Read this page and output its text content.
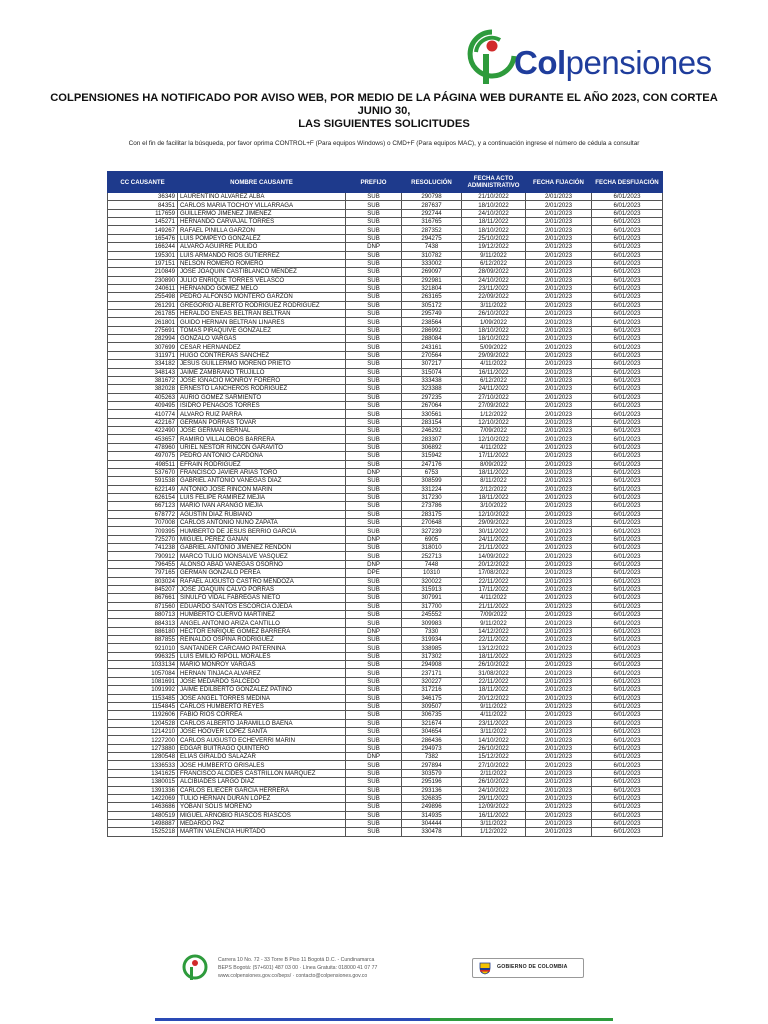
Colpensiones
COLPENSIONES HA NOTIFICADO POR AVISO WEB, POR MEDIO DE LA PÁGINA WEB DURANTE EL AÑO 2023, CON CORTEA JUNIO 30,
LAS SIGUIENTES SOLICITUDES
Con el fin de facilitar la búsqueda, por favor oprima CONTROL+F (Para equipos Windows) o CMD+F (Para equipos MAC), y a continuación ingrese el número de cédula a consultar
CC CAUSANTE	NOMBRE CAUSANTE	PREFIJO	RESOLUCIÓN	FECHA ACTO ADMINISTRATIVO	FECHA FIJACIÓN	FECHA DESFIJACIÓN
36349	LAURENTINO ALVAREZ ALBA	SUB	290798	21/10/2022	2/01/2023	6/01/2023
84351	CARLOS MARIA TOCHOY VILLARRAGA	SUB	287637	18/10/2022	2/01/2023	6/01/2023
117659	GUILLERMO JIMENEZ JIMENEZ	SUB	292744	24/10/2022	2/01/2023	6/01/2023
145271	HERNANDO CARVAJAL TORRES	SUB	316765	18/11/2022	2/01/2023	6/01/2023
149267	RAFAEL PINILLA GARZON	SUB	287352	18/10/2022	2/01/2023	6/01/2023
165476	LUIS POMPEYO GONZALEZ	SUB	294275	25/10/2022	2/01/2023	6/01/2023
166244	ALVARO AGUIRRE PULIDO	DNP	7438	19/12/2022	2/01/2023	6/01/2023
195301	LUIS ARMANDO RIOS GUTIERREZ	SUB	310782	9/11/2022	2/01/2023	6/01/2023
197151	NELSON ROMERO ROMERO	SUB	333002	6/12/2022	2/01/2023	6/01/2023
210849	JOSE JOAQUIN CASTIBLANCO MENDEZ	SUB	269097	28/09/2022	2/01/2023	6/01/2023
230890	JULIO ENRIQUE TORRES VELASCO	SUB	292981	24/10/2022	2/01/2023	6/01/2023
240611	HERNANDO GOMEZ MELO	SUB	321804	23/11/2022	2/01/2023	6/01/2023
255498	PEDRO ALFONSO MONTERO GARZON	SUB	263165	22/09/2022	2/01/2023	6/01/2023
261291	GREGORIO ALBERTO RODRIGUEZ RODRIGUEZ	SUB	305172	3/11/2022	2/01/2023	6/01/2023
261785	HERALDO ENEAS BELTRAN BELTRAN	SUB	295749	26/10/2022	2/01/2023	6/01/2023
261801	GUIDO HERNAN BELTRAN LINARES	SUB	238564	1/09/2022	2/01/2023	6/01/2023
275691	TOMAS PIRAQUIVE GONZALEZ	SUB	286992	18/10/2022	2/01/2023	6/01/2023
282994	GONZALO VARGAS	SUB	288084	18/10/2022	2/01/2023	6/01/2023
307699	CESAR HERNANDEZ	SUB	243161	5/09/2022	2/01/2023	6/01/2023
311971	HUGO CONTRERAS SANCHEZ	SUB	270564	29/09/2022	2/01/2023	6/01/2023
334182	JESUS GUILLERMO MORENO PRIETO	SUB	307217	4/11/2022	2/01/2023	6/01/2023
348143	JAIME ZAMBRANO TRUJILLO	SUB	315074	16/11/2022	2/01/2023	6/01/2023
381672	JOSE IGNACIO MONROY FORERO	SUB	333438	6/12/2022	2/01/2023	6/01/2023
382028	ERNESTO LANCHEROS RODRIGUEZ	SUB	323388	24/11/2022	2/01/2023	6/01/2023
405263	AURIO GOMEZ SARMIENTO	SUB	297235	27/10/2022	2/01/2023	6/01/2023
409495	ISIDRO PENAGOS TORRES	SUB	267064	27/09/2022	2/01/2023	6/01/2023
410774	ALVARO RUIZ PARRA	SUB	330561	1/12/2022	2/01/2023	6/01/2023
422167	GERMAN PORRAS TOVAR	SUB	283154	12/10/2022	2/01/2023	6/01/2023
422490	JOSE GERMAN BERNAL	SUB	246292	7/09/2022	2/01/2023	6/01/2023
453657	RAMIRO VILLALOBOS BARRERA	SUB	283307	12/10/2022	2/01/2023	6/01/2023
478960	URIEL NESTOR RINCON GARAVITO	SUB	306892	4/11/2022	2/01/2023	6/01/2023
497075	PEDRO ANTONIO CARDONA	SUB	315942	17/11/2022	2/01/2023	6/01/2023
498511	EFRAIN RODRIGUEZ	SUB	247176	8/09/2022	2/01/2023	6/01/2023
537670	FRANCISCO JAVIER ARIAS TORO	DNP	6753	18/11/2022	2/01/2023	6/01/2023
591538	GABRIEL ANTONIO VANEGAS DIAZ	SUB	308599	8/11/2022	2/01/2023	6/01/2023
622149	ANTONIO JOSE RINCON MARIN	SUB	331224	2/12/2022	2/01/2023	6/01/2023
626154	LUIS FELIPE RAMIREZ MEJIA	SUB	317230	18/11/2022	2/01/2023	6/01/2023
667123	MARIO IVAN ARANGO MEJIA	SUB	273786	3/10/2022	2/01/2023	6/01/2023
678772	AGUSTIN DIAZ RUBIANO	SUB	283175	12/10/2022	2/01/2023	6/01/2023
707008	CARLOS ANTONIO NUNO ZAPATA	SUB	270648	29/09/2022	2/01/2023	6/01/2023
709395	HUMBERTO DE JESUS BERRIO GARCIA	SUB	327239	30/11/2022	2/01/2023	6/01/2023
725270	MIGUEL PEREZ GAÑAN	DNP	6905	24/11/2022	2/01/2023	6/01/2023
741238	GABRIEL ANTONIO JIMENEZ RENDON	SUB	318010	21/11/2022	2/01/2023	6/01/2023
790912	MARCO TULIO MONSALVE VASQUEZ	SUB	252713	14/09/2022	2/01/2023	6/01/2023
796455	ALONSO ABAD VANEGAS OSORNO	DNP	7448	20/12/2022	2/01/2023	6/01/2023
797165	GERMAN GONZALO PEREA	DPE	10310	17/08/2022	2/01/2023	6/01/2023
803024	RAFAEL AUGUSTO CASTRO MENDOZA	SUB	320022	22/11/2022	2/01/2023	6/01/2023
845207	JOSE JOAQUIN CALVO PORRAS	SUB	315913	17/11/2022	2/01/2023	6/01/2023
867661	SINULFO VIDAL FABREGAS NIETO	SUB	307991	4/11/2022	2/01/2023	6/01/2023
871560	EDUARDO SANTOS ESCORCIA OJEDA	SUB	317700	21/11/2022	2/01/2023	6/01/2023
880713	HUMBERTO CUERVO MARTINEZ	SUB	245552	7/09/2022	2/01/2023	6/01/2023
884313	ANGEL ANTONIO ARIZA CANTILLO	SUB	309983	9/11/2022	2/01/2023	6/01/2023
886180	HECTOR ENRIQUE GOMEZ BARRERA	DNP	7330	14/12/2022	2/01/2023	6/01/2023
887855	REINALDO OSPINA RODRIGUEZ	SUB	319934	22/11/2022	2/01/2023	6/01/2023
921010	SANTANDER CARCAMO PATERNINA	SUB	338985	13/12/2022	2/01/2023	6/01/2023
996325	LUIS EMILIO RIPOLL MORALES	SUB	317302	18/11/2022	2/01/2023	6/01/2023
1033134	MARIO MONROY VARGAS	SUB	294908	26/10/2022	2/01/2023	6/01/2023
1057084	HERNAN TINJACA ALVAREZ	SUB	237171	31/08/2022	2/01/2023	6/01/2023
1081691	JOSE MEDARDO SALCEDO	SUB	320227	22/11/2022	2/01/2023	6/01/2023
1091992	JAIME EDILBERTO GONZALEZ PATIÑO	SUB	317216	18/11/2022	2/01/2023	6/01/2023
1153485	JOSE ANGEL TORRES MEDINA	SUB	346175	20/12/2022	2/01/2023	6/01/2023
1154845	CARLOS HUMBERTO REYES	SUB	309507	9/11/2022	2/01/2023	6/01/2023
1192606	FABIO RIOS CORREA	SUB	306735	4/11/2022	2/01/2023	6/01/2023
1204528	CARLOS ALBERTO JARAMILLO BAENA	SUB	321674	23/11/2022	2/01/2023	6/01/2023
1214210	JOSE HOOVER LOPEZ SANTA	SUB	304654	3/11/2022	2/01/2023	6/01/2023
1227200	CARLOS AUGUSTO ECHEVERRI MARIN	SUB	286436	14/10/2022	2/01/2023	6/01/2023
1273880	EDGAR BUITRAGO QUINTERO	SUB	294973	26/10/2022	2/01/2023	6/01/2023
1280548	ELIAS GIRALDO SALAZAR	DNP	7382	15/12/2022	2/01/2023	6/01/2023
1336533	JOSE HUMBERTO GRISALES	SUB	297894	27/10/2022	2/01/2023	6/01/2023
1341625	FRANCISCO ALCIDES CASTRILLON MARQUEZ	SUB	303579	2/11/2022	2/01/2023	6/01/2023
1380015	ALCIBIADES LARGO DIAZ	SUB	295196	26/10/2022	2/01/2023	6/01/2023
1391336	CARLOS ELIECER GARCIA HERRERA	SUB	293136	24/10/2022	2/01/2023	6/01/2023
1422069	TULIO HERNAN DURAN LOPEZ	SUB	326835	29/11/2022	2/01/2023	6/01/2023
1463686	YOBANI SOLIS MORENO	SUB	249896	12/09/2022	2/01/2023	6/01/2023
1480519	MIGUEL ARNOBIO RIASCOS RIASCOS	SUB	314935	16/11/2022	2/01/2023	6/01/2023
1498887	MEDARDO PAZ	SUB	304444	3/11/2022	2/01/2023	6/01/2023
1525218	MARTIN VALENCIA HURTADO	SUB	330478	1/12/2022	2/01/2023	6/01/2023
Carrera 10 No. 72 - 33 Torre B Piso 11 Bogotá D.C. - Cundinamarca
BEPS Bogotá: (57+601) 487 03 00 · Línea Gratuita: 018000 41 07 77
www.colpensiones.gov.co/beps/ · contacto@colpensiones.gov.co
GOBIERNO DE COLOMBIA
